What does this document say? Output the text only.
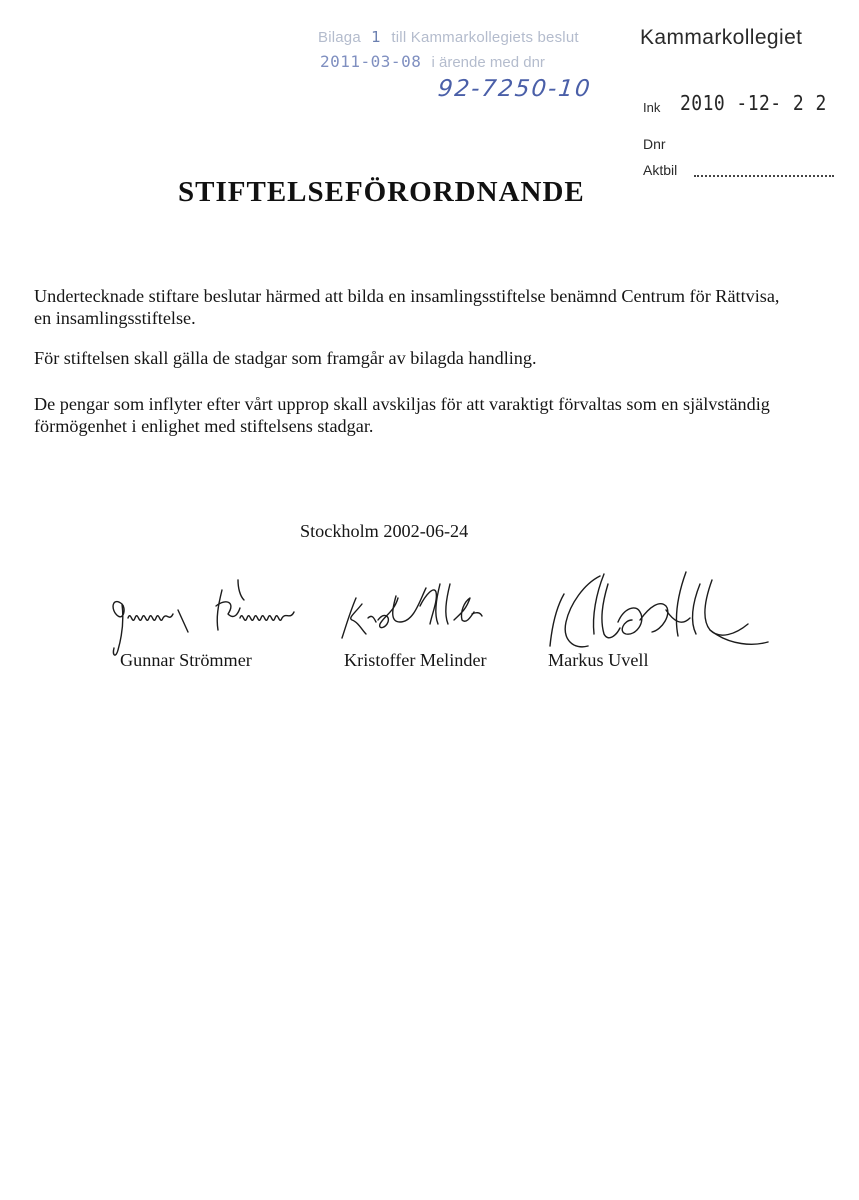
Bilaga 1 till Kammarkollegiets beslut
2011-03-08 i ärende med dnr
92-7250-10
Kammarkollegiet
Ink 2010 -12- 2 2
Dnr
Aktbil
STIFTELSEFÖRORDNANDE
Undertecknade stiftare beslutar härmed att bilda en insamlingsstiftelse benämnd Centrum för Rättvisa, en insamlingsstiftelse.
För stiftelsen skall gälla de stadgar som framgår av bilagda handling.
De pengar som inflyter efter vårt upprop skall avskiljas för att varaktigt förvaltas som en självständig förmögenhet i enlighet med stiftelsens stadgar.
Stockholm 2002-06-24
Gunnar Strömmer	Kristoffer Melinder	Markus Uvell
